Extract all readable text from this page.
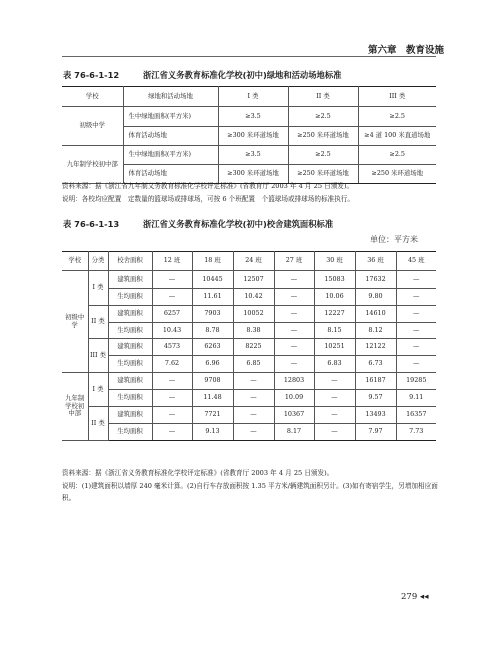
第六章　教育设施
表 76-6-1-12	浙江省义务教育标准化学校(初中)绿地和活动场地标准
学校	绿地和活动场地	I 类	II 类	III 类
初级中学	生中绿地面积(平方米)	≥3.5	≥2.5	≥2.5
	体育活动场地	≥300 米环道场地	≥250 米环道场地	≥4 道 100 米直道场地
九年制学校初中部	生中绿地面积(平方米)	≥3.5	≥2.5	≥2.5
	体育活动场地	≥300 米环道场地	≥250 米环道场地	≥250 米环道场地
资料来源：据《浙江省九年制义务教育标准化学校评定标准》(省教育厅 2003 年 4 月 25 日颁发)。
说明：各校均应配置　定数量的篮球场或排球场，可按 6 个班配置　个篮球场或排球场的标准执行。
表 76-6-1-13	浙江省义务教育标准化学校(初中)校舍建筑面积标准
单位：平方米
学校	分类	校舍面积	12 班	18 班	24 班	27 班	30 班	36 班	45 班
初级中学	I 类	建筑面积	—	10445	12507	—	15083	17632	—
		生均面积	—	11.61	10.42	—	10.06	9.80	—
	II 类	建筑面积	6257	7903	10052	—	12227	14610	—
		生均面积	10.43	8.78	8.38	—	8.15	8.12	—
	III 类	建筑面积	4573	6263	8225	—	10251	12122	—
		生均面积	7.62	6.96	6.85	—	6.83	6.73	—
九年制学校初中部	I 类	建筑面积	—	9708	—	12803	—	16187	19285
		生均面积	—	11.48	—	10.09	—	9.57	9.11
	II 类	建筑面积	—	7721	—	10367	—	13493	16357
		生均面积	—	9.13	—	8.17	—	7.97	7.73
资料来源：据《浙江省义务教育标准化学校评定标准》(省教育厅 2003 年 4 月 25 日颁发)。
说明：(1)建筑面积以墙厚 240 毫米计算。(2)自行车存放面积按 1.35 平方米/辆建筑面积另计。(3)如有寄宿学生，另增加相应面积。
279 ◂◂
